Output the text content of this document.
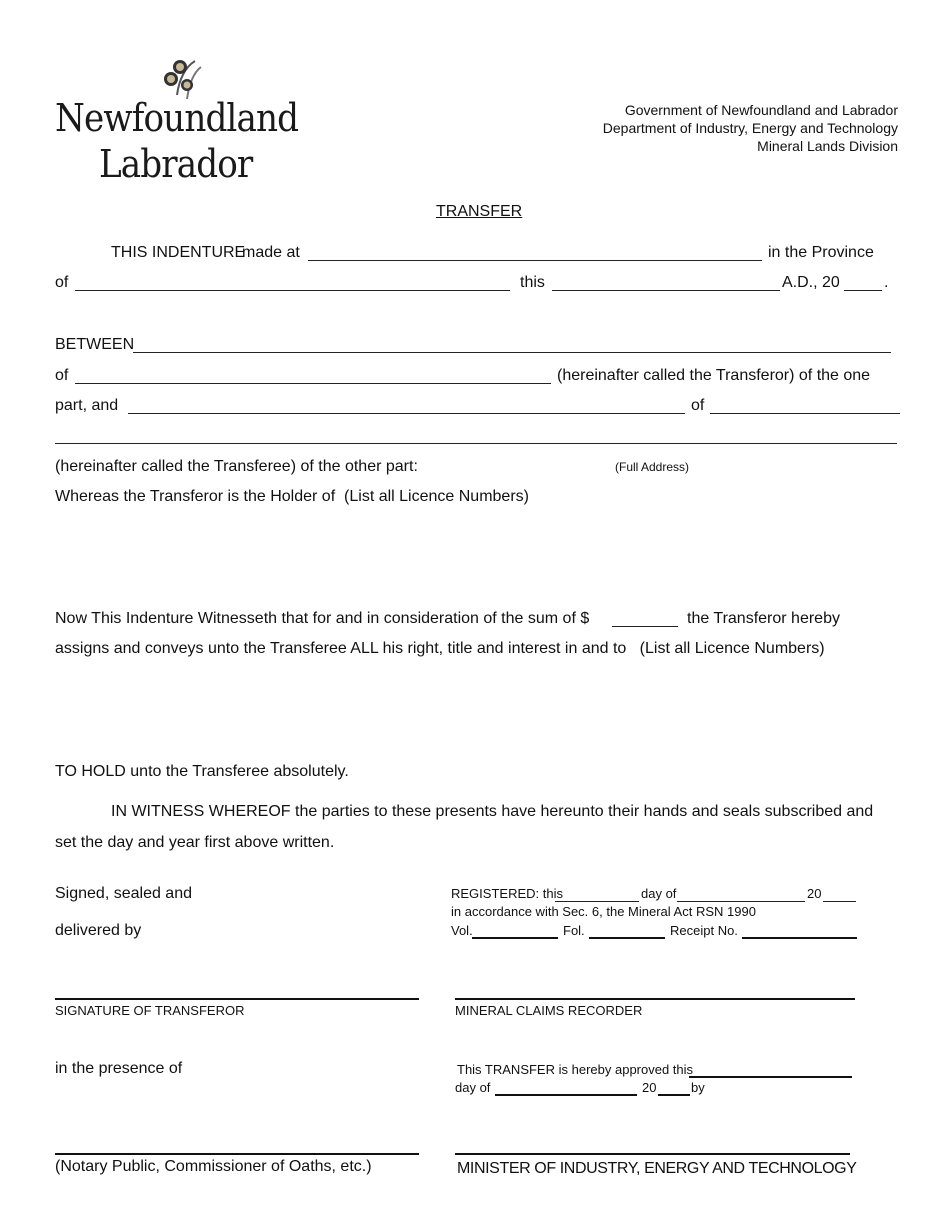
Newfoundland
Labrador
Government of Newfoundland and Labrador
Department of Industry, Energy and Technology
Mineral Lands Division
TRANSFER
THIS INDENTURE
made at	in the Province
of	this	A.D., 20	.
BETWEEN
of	(hereinafter called the Transferor) of the one
part, and	of
(hereinafter called the Transferee) of the other part:	(Full Address)
Whereas the Transferor is the Holder of (List all Licence Numbers)
Now This Indenture Witnesseth that for and in consideration of the sum of $	the Transferor hereby
assigns and conveys unto the Transferee ALL his right, title and interest in and to (List all Licence Numbers)
TO HOLD unto the Transferee absolutely.
IN WITNESS WHEREOF the parties to these presents have hereunto their hands and seals subscribed and
set the day and year first above written.
Signed, sealed and
delivered by
SIGNATURE OF TRANSFEROR
in the presence of
(Notary Public, Commissioner of Oaths, etc.)
REGISTERED: this	day of	20
in accordance with Sec. 6, the Mineral Act RSN 1990
Vol.	Fol.	Receipt No.
MINERAL CLAIMS RECORDER
This TRANSFER is hereby approved this
day of	20	by
MINISTER OF INDUSTRY, ENERGY AND TECHNOLOGY
